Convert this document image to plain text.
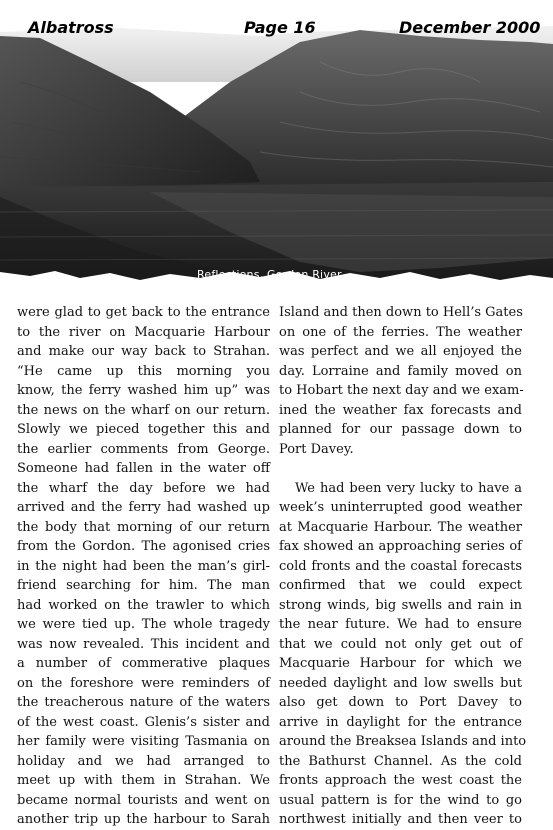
Albatross	Page 16	December 2000
Reflections, Gordon River
were glad to get back to the entrance
to the river on Macquarie Harbour
and make our way back to Strahan.
“He came up this morning you
know, the ferry washed him up” was
the news on the wharf on our return.
Slowly we pieced together this and
the earlier comments from George.
Someone had fallen in the water off
the wharf the day before we had
arrived and the ferry had washed up
the body that morning of our return
from the Gordon. The agonised cries
in the night had been the man’s girl-
friend searching for him. The man
had worked on the trawler to which
we were tied up. The whole tragedy
was now revealed. This incident and
a number of commerative plaques
on the foreshore were reminders of
the treacherous nature of the waters
of the west coast. Glenis’s sister and
her family were visiting Tasmania on
holiday and we had arranged to
meet up with them in Strahan. We
became normal tourists and went on
another trip up the harbour to Sarah
Island and then down to Hell’s Gates
on one of the ferries. The weather
was perfect and we all enjoyed the
day. Lorraine and family moved on
to Hobart the next day and we exam-
ined the weather fax forecasts and
planned for our passage down to
Port Davey.
We had been very lucky to have a
week’s uninterrupted good weather
at Macquarie Harbour. The weather
fax showed an approaching series of
cold fronts and the coastal forecasts
confirmed that we could expect
strong winds, big swells and rain in
the near future. We had to ensure
that we could not only get out of
Macquarie Harbour for which we
needed daylight and low swells but
also get down to Port Davey to
arrive in daylight for the entrance
around the Breaksea Islands and into
the Bathurst Channel. As the cold
fronts approach the west coast the
usual pattern is for the wind to go
northwest initially and then veer to
